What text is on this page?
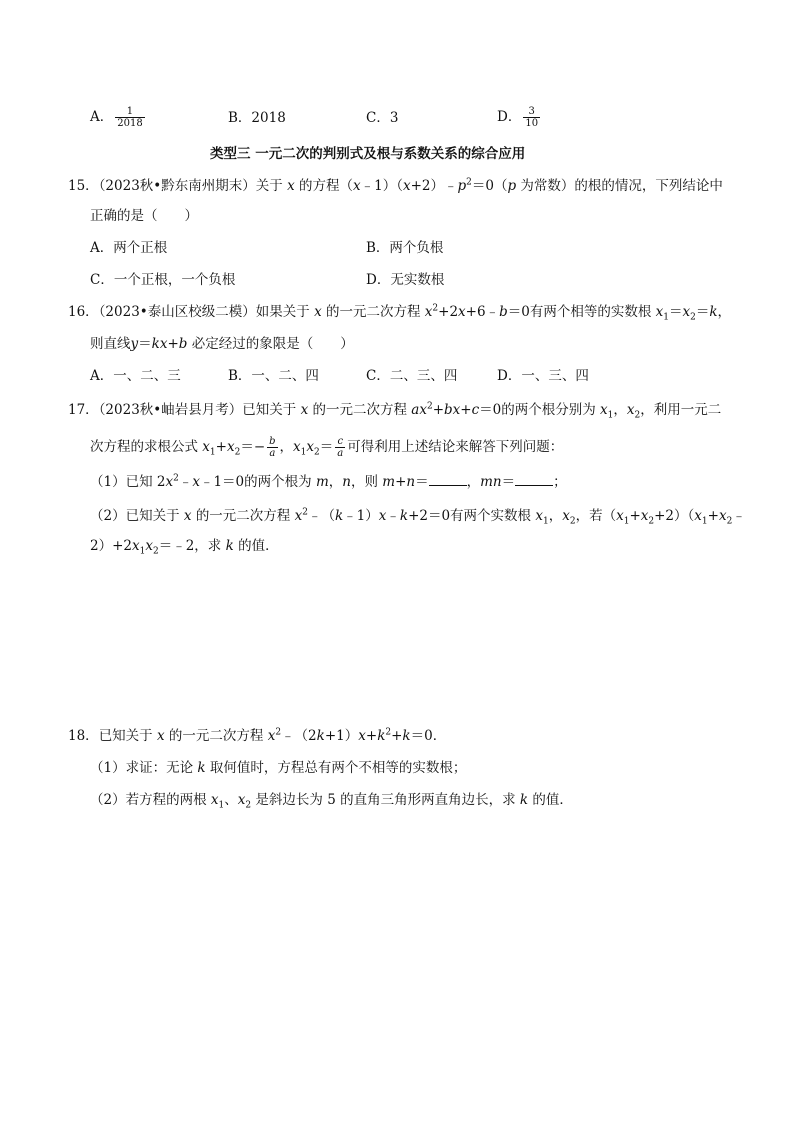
A． $\frac{1}{2018}$	B．2018	C．3	D． $\frac{3}{10}$
类型三 一元二次的判别式及根与系数关系的综合应用
15．（2023秋•黔东南州期末）关于 x 的方程$(x﹣1)(x+2)﹣p^2=0(p$ 为常数）的根的情况，下列结论中
正确的是（　　）
A．两个正根	B．两个负根
C．一个正根，一个负根	D．无实数根
16．（2023•泰山区校级二模）如果关于 x 的一元二次方程 $x^2+2x+6﹣b=0$有两个相等的实数根 $x_1=x_2=k$，
则直线y＝kx+b 必定经过的象限是（　　）
A．一、二、三	B．一、二、四	C．二、三、四	D．一、三、四
17．（2023秋•岫岩县月考）已知关于 x 的一元二次方程 $ax^2+bx+c=0$的两个根分别为 $x_1$，$x_2$，利用一元二
次方程的求根公式 $x_1+x_2=- \frac{b}{a}$ ，$x_1x_2= \frac{c}{a}$ 可得利用上述结论来解答下列问题：
（1）已知 $2x^2﹣x﹣1=0$的两个根为 m，n，则 m+n＝	，mn＝	；
（2）已知关于 x 的一元二次方程 $x^2﹣(k﹣1)x﹣k+2=0$有两个实数根 $x_1$，$x_2$，若$(x_1+x_2+2)(x_1+x_2﹣$
$2)+2x_1x_2=﹣2$，求 k 的值．
18．已知关于 x 的一元二次方程 $x^2﹣(2k+1)x+k^2+k=0$．
（1）求证：无论 k 取何值时，方程总有两个不相等的实数根；
（2）若方程的两根 $x_1$、$x_2$ 是斜边长为 5 的直角三角形两直角边长，求 k 的值．
